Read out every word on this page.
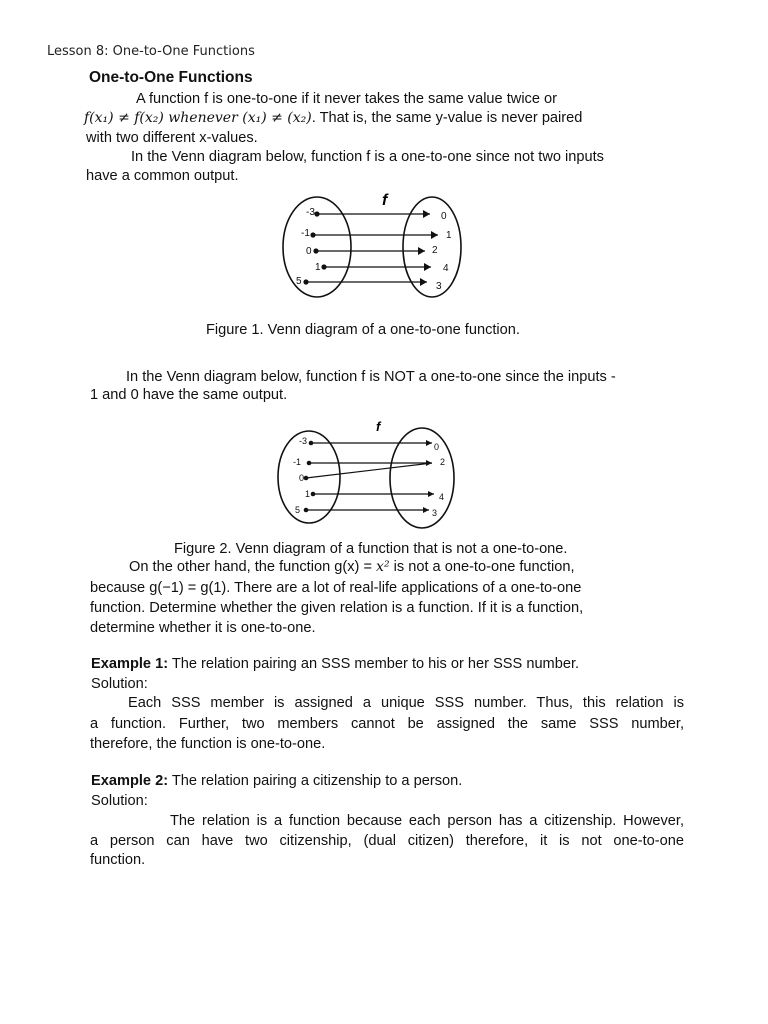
Lesson 8: One-to-One Functions
One-to-One Functions
A function f is one-to-one if it never takes the same value twice or
f(x₁) ≠ f(x₂) whenever (x₁) ≠ (x₂). That is, the same y-value is never paired
with two different x-values.
In the Venn diagram below, function f is a one-to-one since not two inputs
have a common output.
f
-3
-1
0
1
5
0
1
2
4
3
Figure 1. Venn diagram of a one-to-one function.
In the Venn diagram below, function f is NOT a one-to-one since the inputs -
1 and 0 have the same output.
f
-3
-1
0
1
5
0
2
4
3
Figure 2. Venn diagram of a function that is not a one-to-one.
On the other hand, the function g(x) = x² is not a one-to-one function,
because g(−1) = g(1). There are a lot of real-life applications of a one-to-one
function. Determine whether the given relation is a function. If it is a function,
determine whether it is one-to-one.
Example 1: The relation pairing an SSS member to his or her SSS number.
Solution:
Each SSS member is assigned a unique SSS number. Thus, this relation is
a function. Further, two members cannot be assigned the same SSS number,
therefore, the function is one-to-one.
Example 2: The relation pairing a citizenship to a person.
Solution:
The relation is a function because each person has a citizenship. However,
a person can have two citizenship, (dual citizen) therefore, it is not one-to-one
function.
